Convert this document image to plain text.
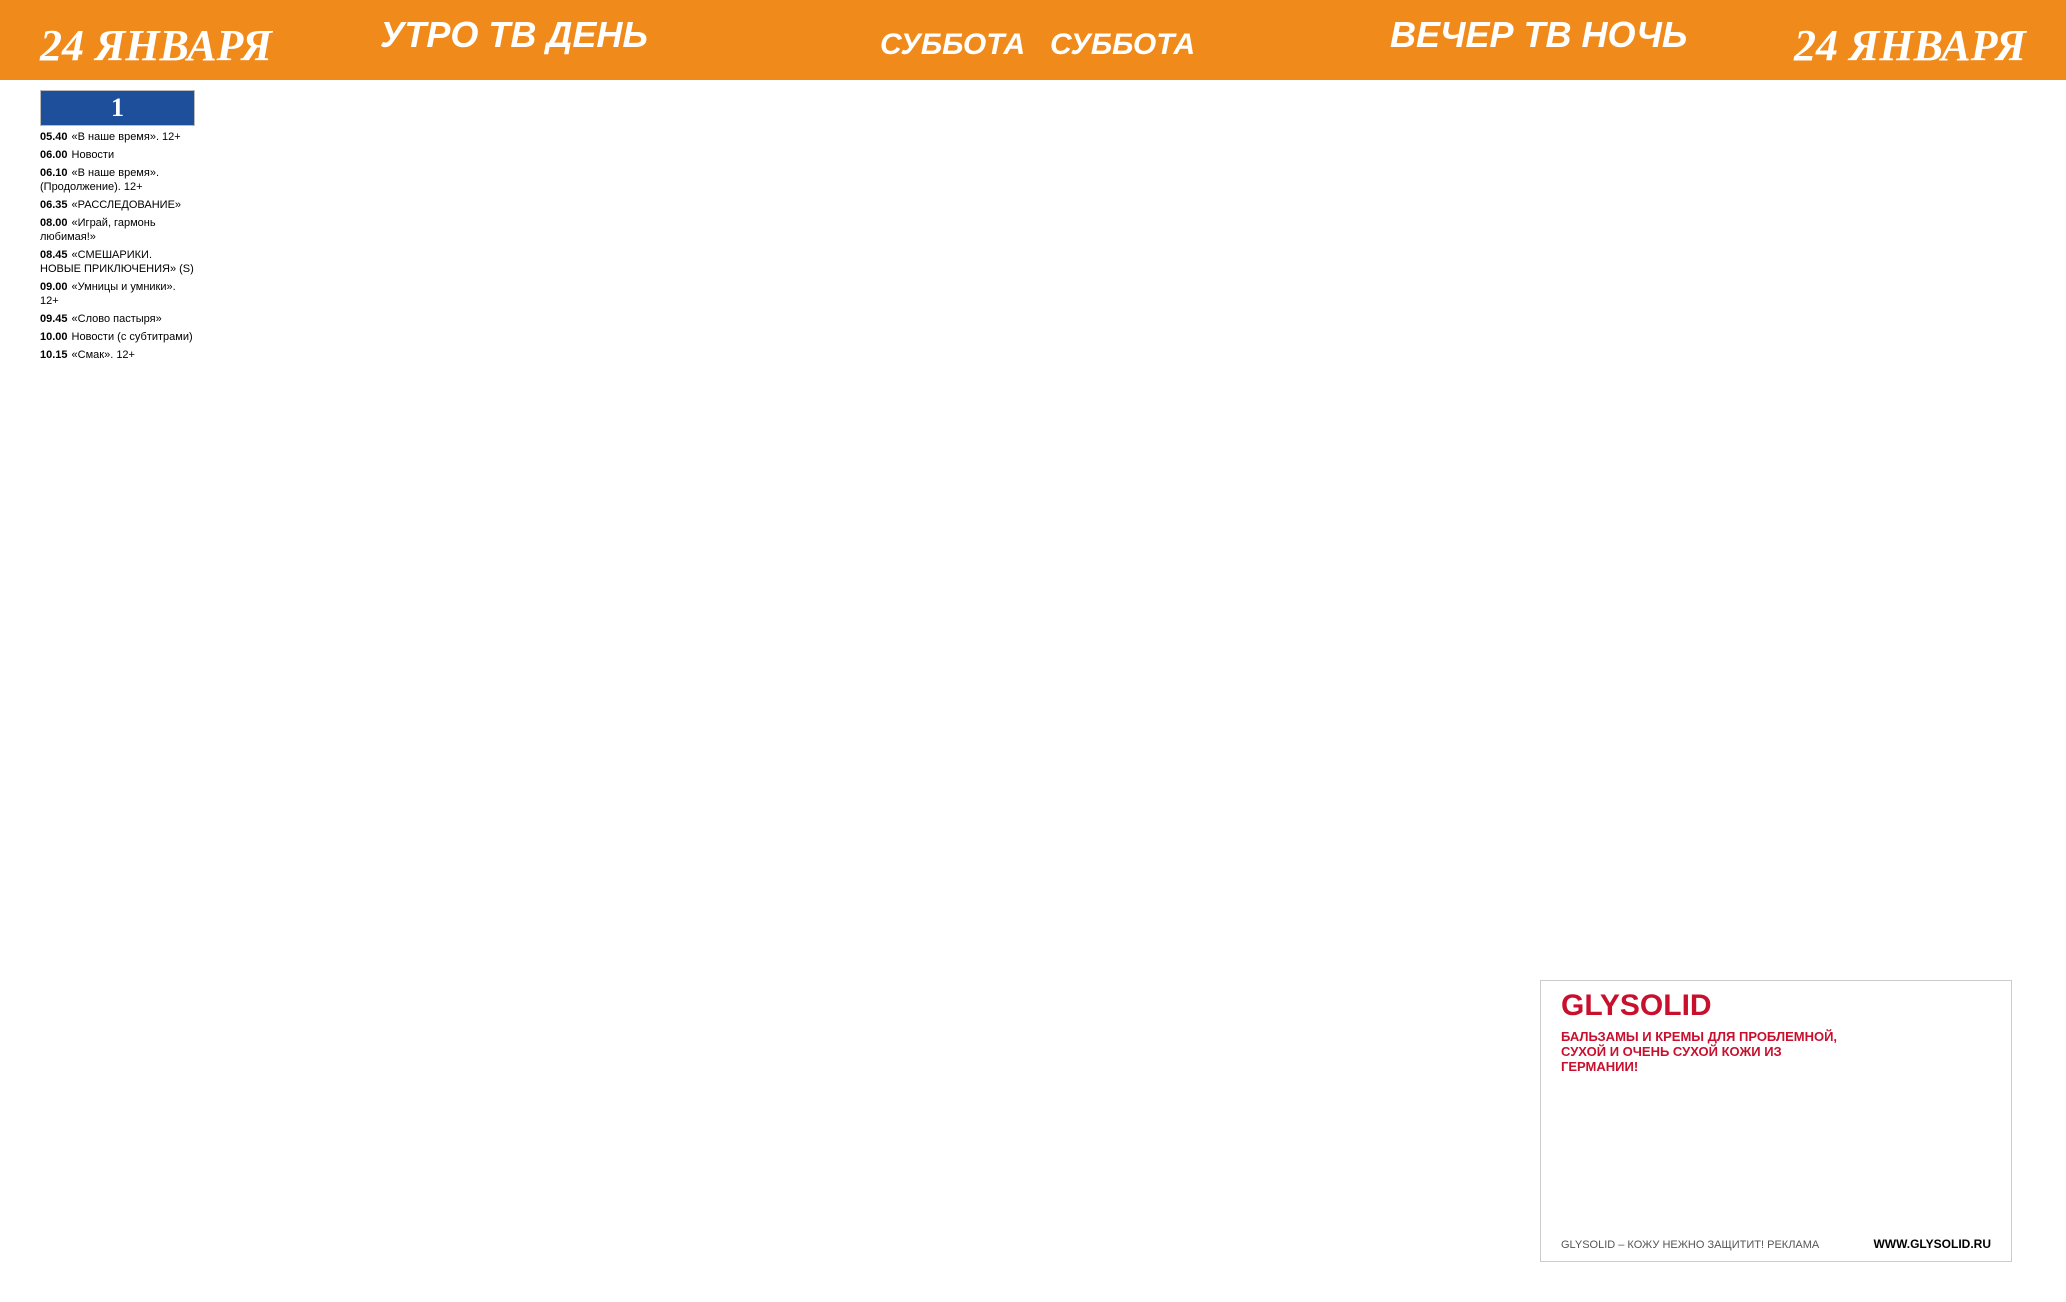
24 ЯНВАРЯ	УТРО ТВ ДЕНЬ	СУББОТА СУББОТА	ВЕЧЕР ТВ НОЧЬ 24 ЯНВАРЯ
1
05.40 «В наше время». 12+
06.00 Новости
06.10 «В наше время». (Продолжение). 12+
06.35 «РАССЛЕДОВАНИЕ»
08.00 «Играй, гармонь любимая!»
08.45 «СМЕШАРИКИ. НОВЫЕ ПРИКЛЮЧЕНИЯ» (S)
09.00 «Умницы и умники». 12+
09.45 «Слово пастыря»
10.00 Новости (с субтитрами)
10.15 «Смак». 12+
GLYSOLID
БАЛЬЗАМЫ И КРЕМЫ ДЛЯ ПРОБЛЕМНОЙ, СУХОЙ И ОЧЕНЬ СУХОЙ КОЖИ ИЗ ГЕРМАНИИ!
GLYSOLID – КОЖУ НЕЖНО ЗАЩИТИТ! РЕКЛАМА	WWW.GLYSOLID.RU
